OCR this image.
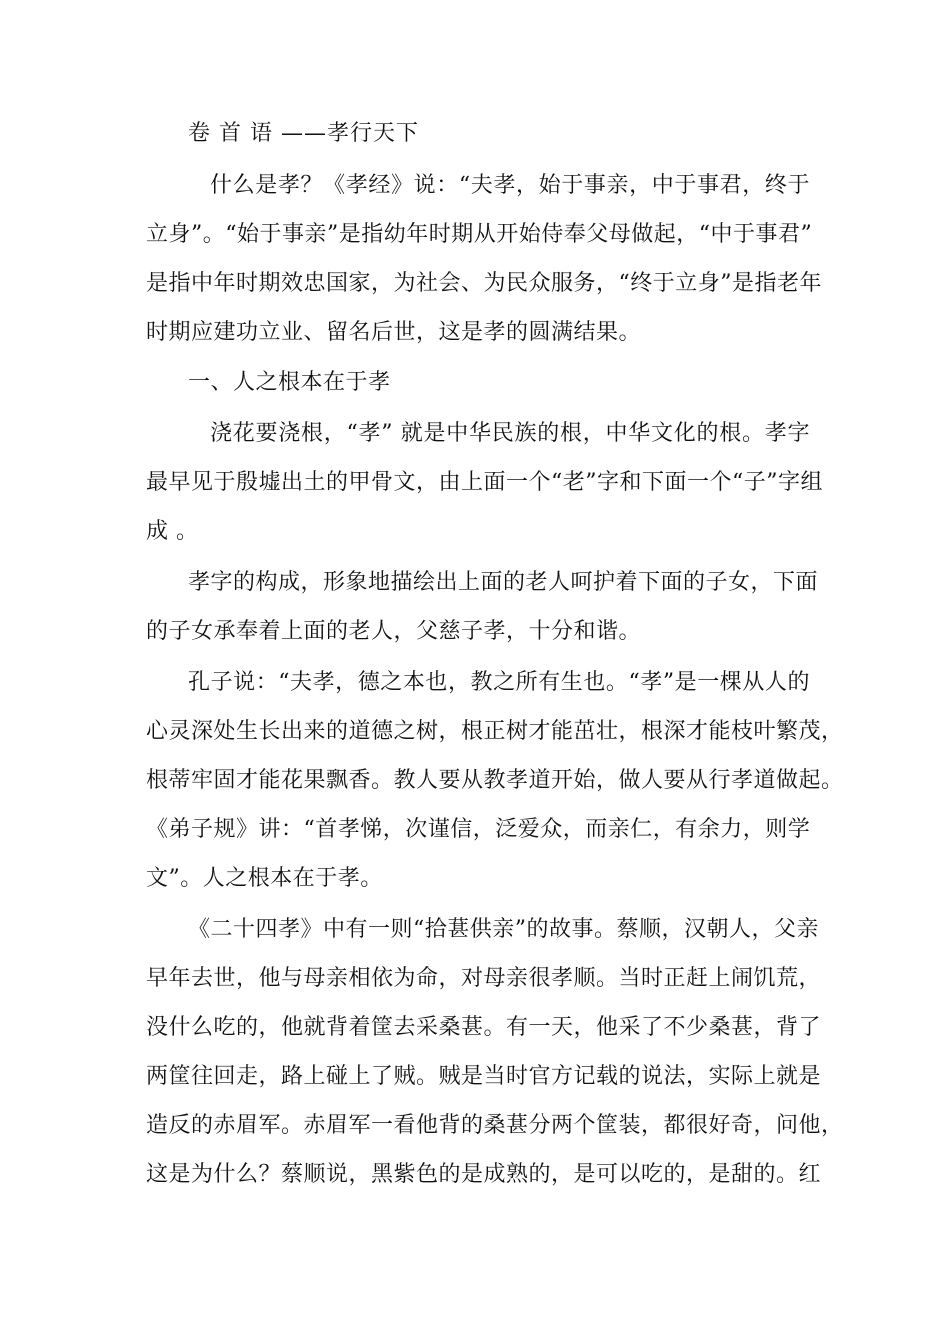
卷 首 语 ——孝行天下
什么是孝？《孝经》说：“夫孝，始于事亲，中于事君，终于
立身”。“始于事亲”是指幼年时期从开始侍奉父母做起，“中于事君”
是指中年时期效忠国家，为社会、为民众服务，“终于立身”是指老年
时期应建功立业、留名后世，这是孝的圆满结果。
一、人之根本在于孝
浇花要浇根，“孝” 就是中华民族的根，中华文化的根。孝字
最早见于殷墟出土的甲骨文，由上面一个“老”字和下面一个“子”字组
成 。
孝字的构成，形象地描绘出上面的老人呵护着下面的子女，下面
的子女承奉着上面的老人，父慈子孝，十分和谐。
孔子说：“夫孝，德之本也，教之所有生也。“孝”是一棵从人的
心灵深处生长出来的道德之树，根正树才能茁壮，根深才能枝叶繁茂，
根蒂牢固才能花果飘香。教人要从教孝道开始，做人要从行孝道做起。
《弟子规》讲：“首孝悌，次谨信，泛爱众，而亲仁，有余力，则学
文”。人之根本在于孝。
《二十四孝》中有一则“拾葚供亲”的故事。蔡顺，汉朝人，父亲
早年去世，他与母亲相依为命，对母亲很孝顺。当时正赶上闹饥荒，
没什么吃的，他就背着筐去采桑葚。有一天，他采了不少桑葚，背了
两筐往回走，路上碰上了贼。贼是当时官方记载的说法，实际上就是
造反的赤眉军。赤眉军一看他背的桑葚分两个筐装，都很好奇，问他，
这是为什么？蔡顺说，黑紫色的是成熟的，是可以吃的，是甜的。红
